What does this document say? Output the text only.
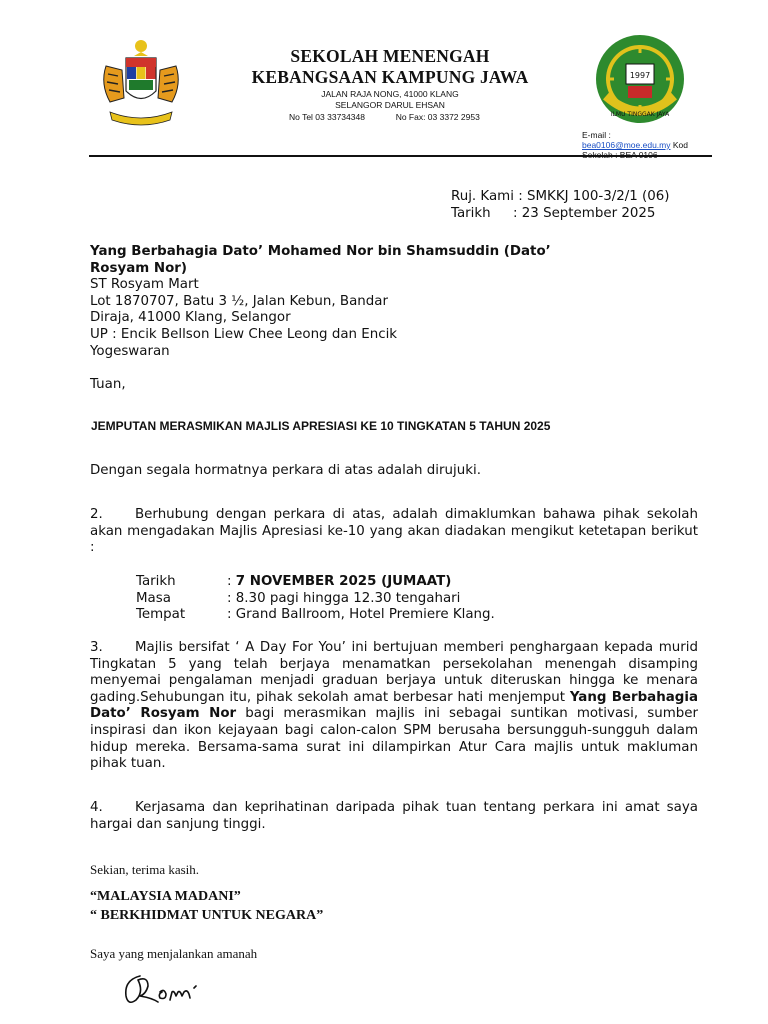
SEKOLAH MENENGAH
KEBANGSAAN KAMPUNG JAWA
JALAN RAJA NONG, 41000 KLANG
SELANGOR DARUL EHSAN
No Tel 03 33734348	No Fax: 03 3372 2953
1997
ILMU TINGGAK JAYA
E-mail :
bea0106@moe.edu.my Kod
Ruj. Kami : SMKKJ 100-3/2/1 (06)
Tarikh : 23 September 2025
Yang Berbahagia Dato’ Mohamed Nor bin Shamsuddin (Dato’
Rosyam Nor)
ST Rosyam Mart
Lot 1870707, Batu 3 ½, Jalan Kebun, Bandar
Diraja, 41000 Klang, Selangor
UP : Encik Bellson Liew Chee Leong dan Encik
Yogeswaran
Tuan,
JEMPUTAN MERASMIKAN MAJLIS APRESIASI KE 10 TINGKATAN 5 TAHUN 2025
Dengan segala hormatnya perkara di atas adalah dirujuki.
2. Berhubung dengan perkara di atas, adalah dimaklumkan bahawa pihak sekolah akan mengadakan Majlis Apresiasi ke-10 yang akan diadakan mengikut ketetapan berikut :
Tarikh	: 7 NOVEMBER 2025 (JUMAAT)
Masa	: 8.30 pagi hingga 12.30 tengahari
Tempat	: Grand Ballroom, Hotel Premiere Klang.
3. Majlis bersifat ‘ A Day For You’ ini bertujuan memberi penghargaan kepada murid Tingkatan 5 yang telah berjaya menamatkan persekolahan menengah disamping menyemai pengalaman menjadi graduan berjaya untuk diteruskan hingga ke menara gading.Sehubungan itu, pihak sekolah amat berbesar hati menjemput Yang Berbahagia Dato’ Rosyam Nor bagi merasmikan majlis ini sebagai suntikan motivasi, sumber inspirasi dan ikon kejayaan bagi calon-calon SPM berusaha bersungguh-sungguh dalam hidup mereka. Bersama-sama surat ini dilampirkan Atur Cara majlis untuk makluman pihak tuan.
4. Kerjasama dan keprihatinan daripada pihak tuan tentang perkara ini amat saya hargai dan sanjung tinggi.
Sekian, terima kasih.
“MALAYSIA MADANI”
“ BERKHIDMAT UNTUK NEGARA”
Saya yang menjalankan amanah
